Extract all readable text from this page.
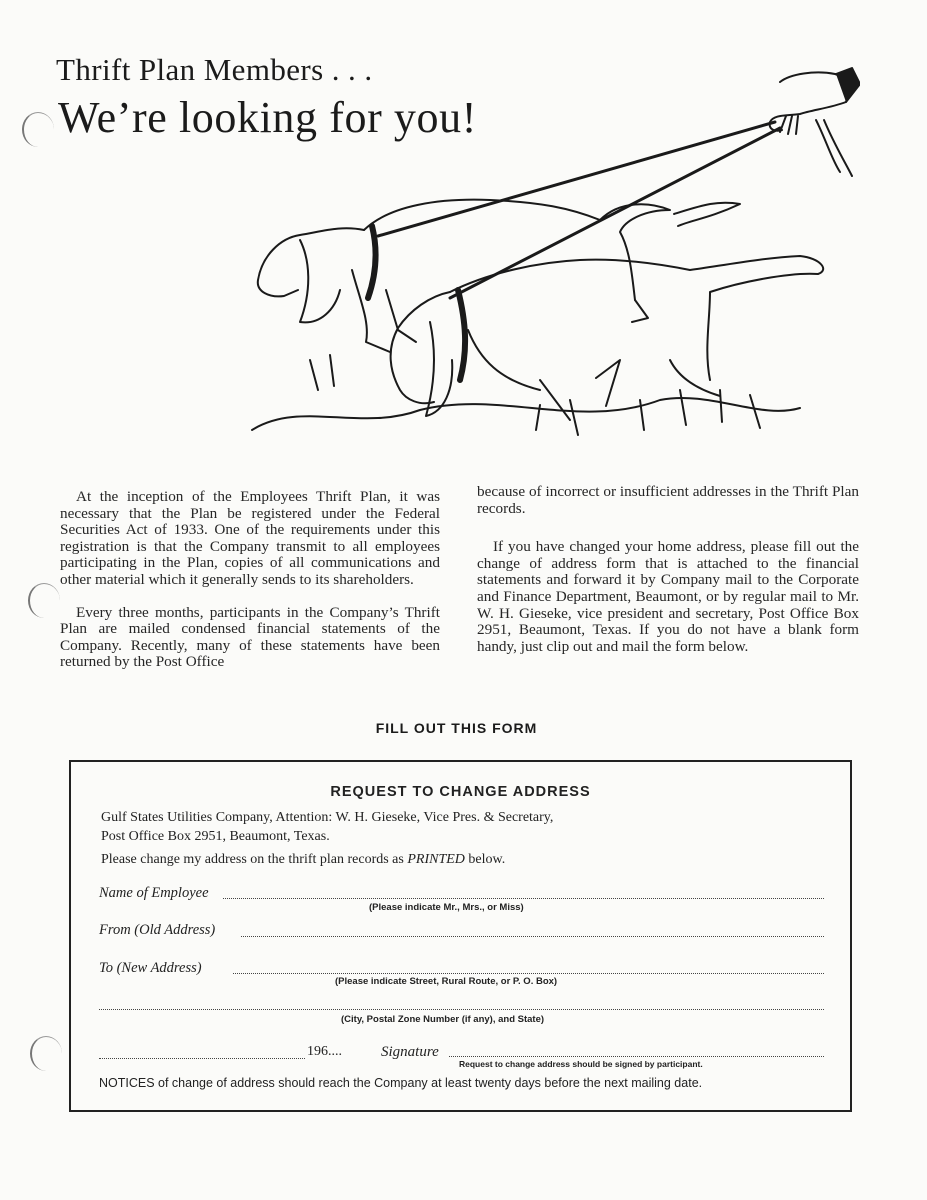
Thrift Plan Members . . .
We’re looking for you!

At the inception of the Employees Thrift Plan, it was necessary that the Plan be registered under the Federal Securities Act of 1933. One of the requirements under this registration is that the Company transmit to all employees participating in the Plan, copies of all communications and other material which it generally sends to its shareholders.

Every three months, participants in the Company’s Thrift Plan are mailed condensed financial statements of the Company. Recently, many of these statements have been returned by the Post Office

because of incorrect or insufficient addresses in the Thrift Plan records.

If you have changed your home address, please fill out the change of address form that is attached to the financial statements and forward it by Company mail to the Corporate and Finance Department, Beaumont, or by regular mail to Mr. W. H. Gieseke, vice president and secretary, Post Office Box 2951, Beaumont, Texas. If you do not have a blank form handy, just clip out and mail the form below.

FILL OUT THIS FORM
REQUEST TO CHANGE ADDRESS
Gulf States Utilities Company, Attention: W. H. Gieseke, Vice Pres. & Secretary,
Post Office Box 2951, Beaumont, Texas.
Please change my address on the thrift plan records as PRINTED below.
Name of Employee
(Please indicate Mr., Mrs., or Miss)
From (Old Address)
To (New Address)
(Please indicate Street, Rural Route, or P. O. Box)
(City, Postal Zone Number (if any), and State)
196....	Signature
Request to change address should be signed by participant.
NOTICES of change of address should reach the Company at least twenty days before the next mailing date.
